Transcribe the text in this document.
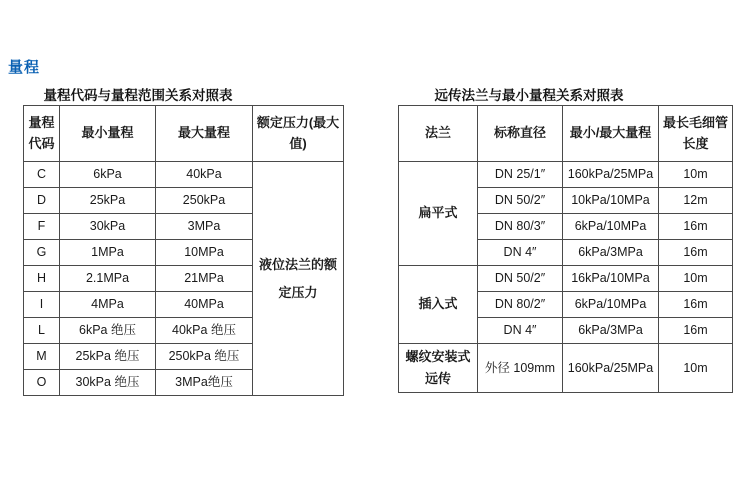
量程
量程代码与量程范围关系对照表	远传法兰与最小量程关系对照表
量程代码	最小量程	最大量程	额定压力(最大值)
C	6kPa	40kPa	液位法兰的额定压力
D	25kPa	250kPa	
F	30kPa	3MPa	
G	1MPa	10MPa	
H	2.1MPa	21MPa	
I	4MPa	40MPa	
L	6kPa 绝压	40kPa 绝压	
M	25kPa 绝压	250kPa 绝压	
O	30kPa 绝压	3MPa绝压	
法兰	标称直径	最小/最大量程	最长毛细管长度
扁平式	DN 25/1″	160kPa/25MPa	10m
	DN 50/2″	10kPa/10MPa	12m
	DN 80/3″	6kPa/10MPa	16m
	DN 4″	6kPa/3MPa	16m
插入式	DN 50/2″	16kPa/10MPa	10m
	DN 80/2″	6kPa/10MPa	16m
	DN 4″	6kPa/3MPa	16m
螺纹安装式远传	外径 109mm	160kPa/25MPa	10m
